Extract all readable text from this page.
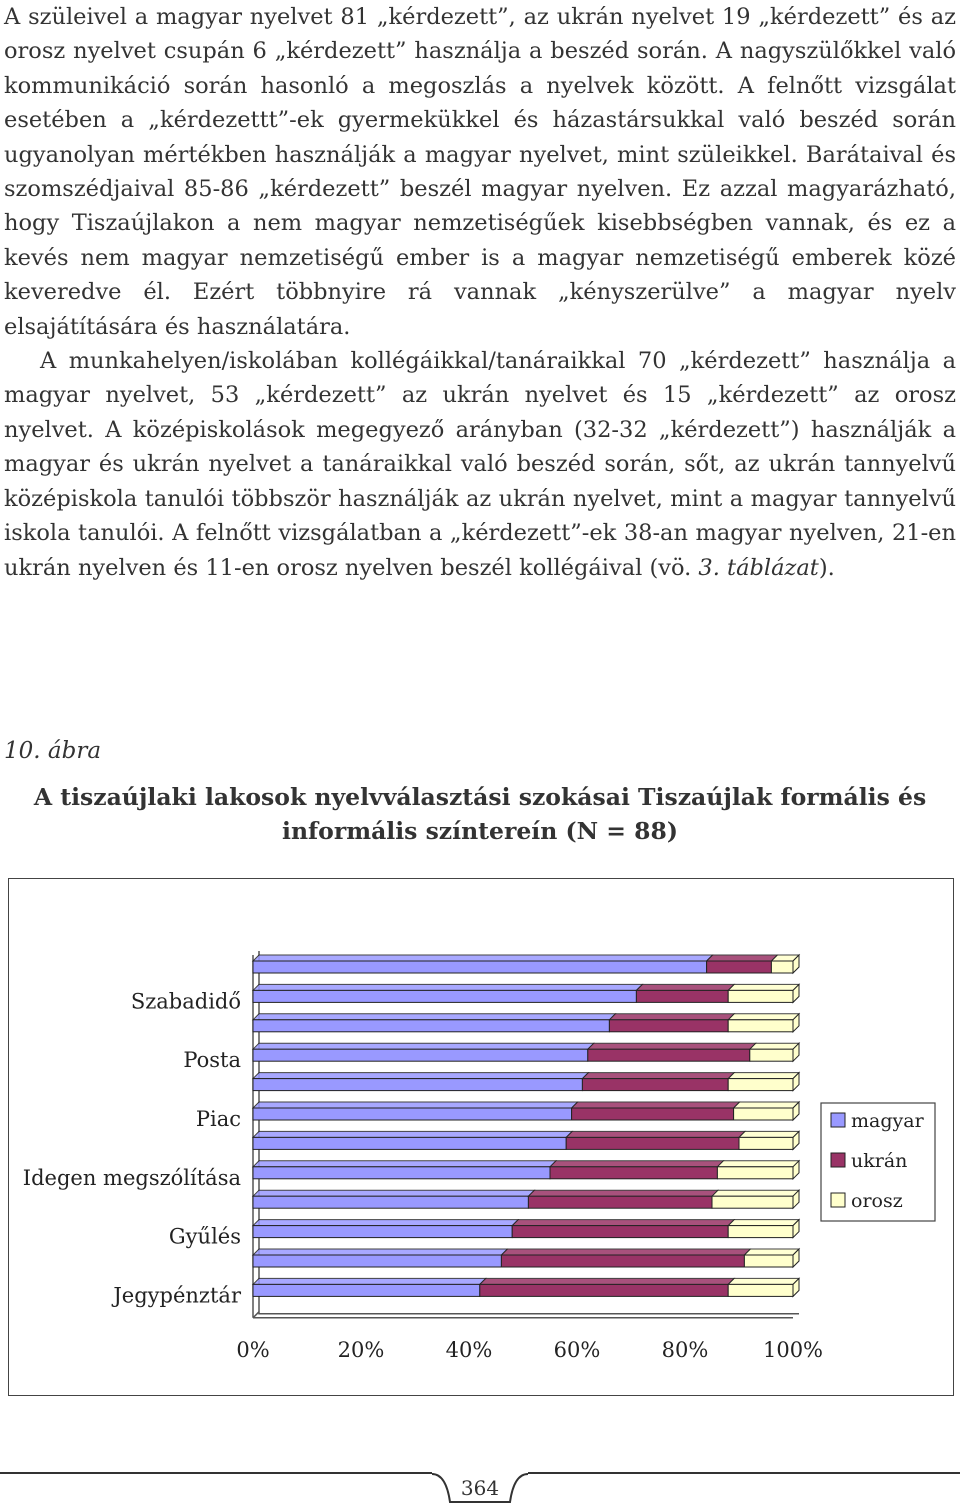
A szüleivel a magyar nyelvet 81 „kérdezett”, az ukrán nyelvet 19 „kérdezett” és az orosz nyelvet csupán 6 „kérdezett” használja a beszéd során. A nagyszülőkkel való kommunikáció során hasonló a megoszlás a nyelvek között. A felnőtt vizsgálat esetében a „kérdezettt”-ek gyermekükkel és házastársukkal való beszéd során ugyanolyan mértékben használják a magyar nyelvet, mint szüleikkel. Barátaival és szomszédjaival 85-86 „kérdezett” beszél magyar nyelven. Ez azzal magyarázható, hogy Tiszaújlakon a nem magyar nemzetiségűek kisebbségben vannak, és ez a kevés nem magyar nemzetiségű ember is a magyar nemzetiségű emberek közé keveredve él. Ezért többnyire rá vannak „kényszerülve” a magyar nyelv elsajátítására és használatára.

A munkahelyen/iskolában kollégáikkal/tanáraikkal 70 „kérdezett” használja a magyar nyelvet, 53 „kérdezett” az ukrán nyelvet és 15 „kérdezett” az orosz nyelvet. A középiskolások megegyező arányban (32-32 „kérdezett”) használják a magyar és ukrán nyelvet a tanáraikkal való beszéd során, sőt, az ukrán tannyelvű középiskola tanulói többször használják az ukrán nyelvet, mint a magyar tannyelvű iskola tanulói. A felnőtt vizsgálatban a „kérdezett”-ek 38-an magyar nyelven, 21-en ukrán nyelven és 11-en orosz nyelven beszél kollégáival (vö. 3. táblázat).

10. ábra
A tiszaújlaki lakosok nyelvválasztási szokásai Tiszaújlak formális és informális színtereín (N = 88)
Szabadidő
Posta
Piac
Idegen megszólítása
Gyűlés
Jegypénztár
0%	20%	40%	60%	80%	100%
magyar
ukrán
orosz
364
